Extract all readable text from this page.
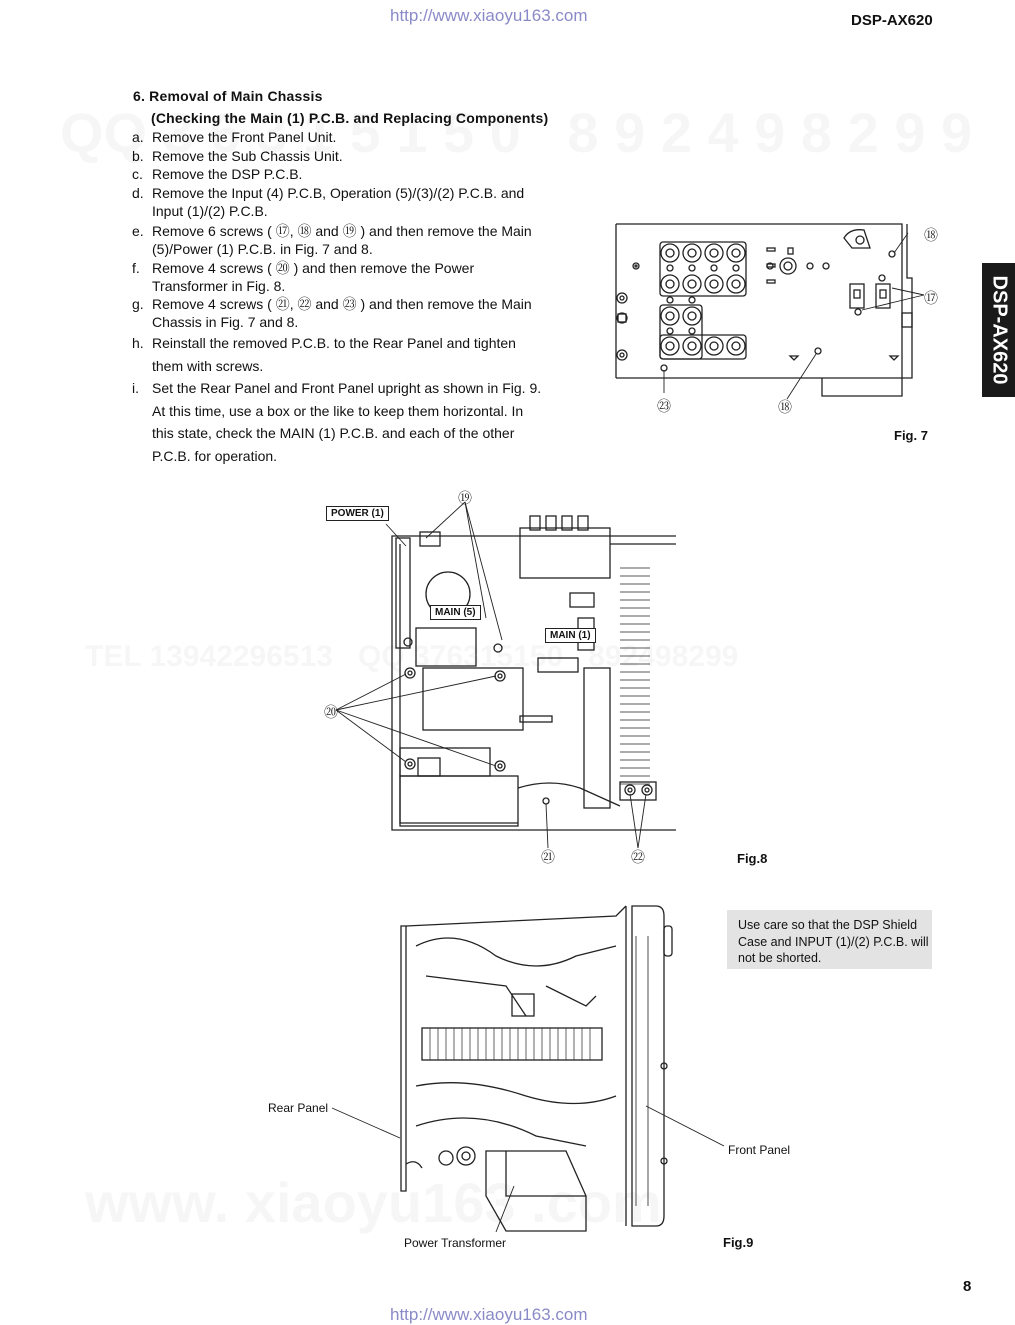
http://www.xiaoyu163.com	DSP-AX620
DSP-AX620
6. Removal of Main Chassis
(Checking the Main (1) P.C.B. and Replacing Components)
a. Remove the Front Panel Unit.
b. Remove the Sub Chassis Unit.
c. Remove the DSP P.C.B.
d. Remove the Input (4) P.C.B, Operation (5)/(3)/(2) P.C.B. and Input (1)/(2) P.C.B.
e. Remove 6 screws ( ⑰, ⑱ and ⑲ ) and then remove the Main (5)/Power (1) P.C.B. in Fig. 7 and 8.
f. Remove 4 screws ( ⑳ ) and then remove the Power Transformer in Fig. 8.
g. Remove 4 screws ( ㉑, ㉒ and ㉓ ) and then remove the Main Chassis in Fig. 7 and 8.
h. Reinstall the removed P.C.B. to the Rear Panel and tighten them with screws.
i. Set the Rear Panel and Front Panel upright as shown in Fig. 9. At this time, use a box or the like to keep them horizontal. In this state, check the MAIN (1) P.C.B. and each of the other P.C.B. for operation.
⑱
⑰
㉓	⑱
Fig. 7
POWER (1)
MAIN (5)
MAIN (1)
⑲
⑳
㉑	㉒	Fig.8
Rear Panel
Front Panel
Power Transformer
Use care so that the DSP Shield Case and INPUT (1)/(2) P.C.B. will not be shorted.
Fig.9
8
http://www.xiaoyu163.com
